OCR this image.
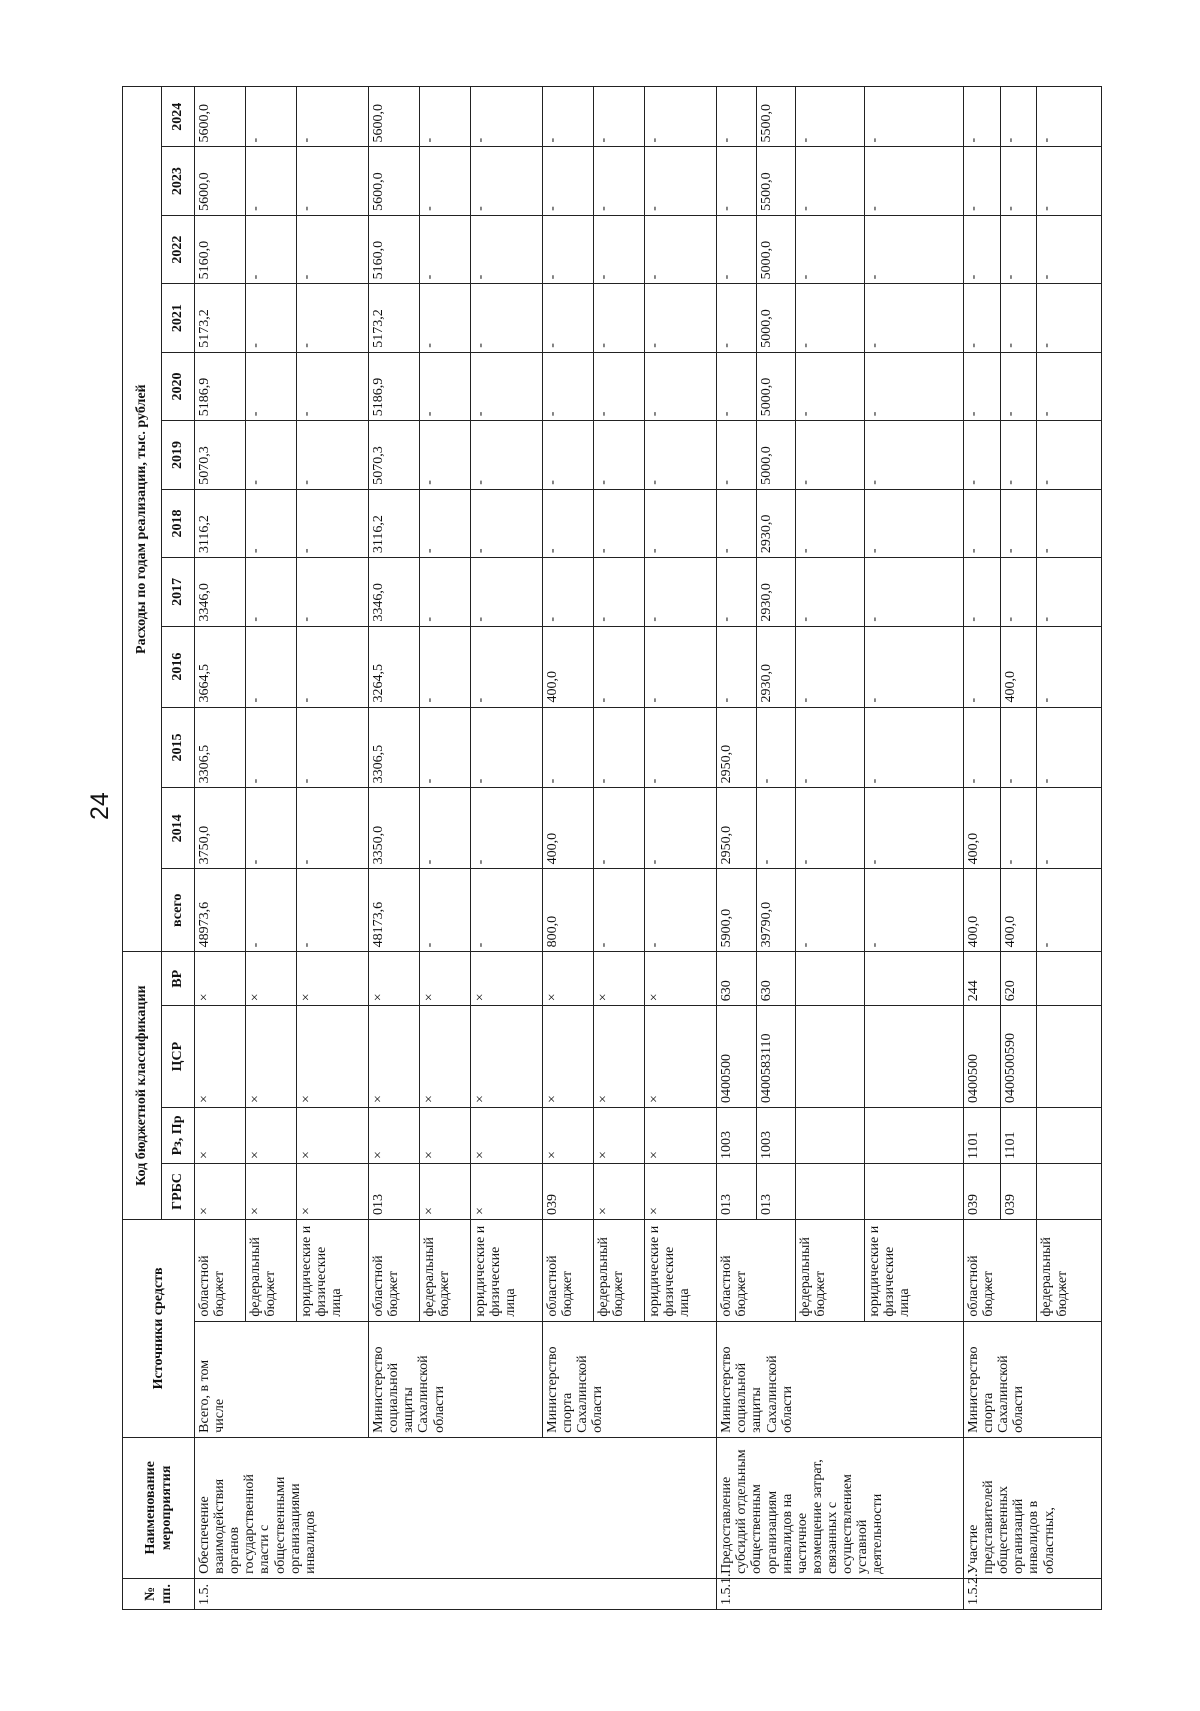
24
№ пп.	Наименование мероприятия	Источники средств		Код бюджетной классификации				Расходы по годам реализации, тыс. рублей											
				ГРБС	Рз, Пр	ЦСР	ВР	всего	2014	2015	2016	2017	2018	2019	2020	2021	2022	2023	2024
1.5.	Обеспечение взаимодействия органов государственной власти с общественными организациями инвалидов	Всего, в том числе	областной бюджет	×	×	×	×	48973,6	3750,0	3306,5	3664,5	3346,0	3116,2	5070,3	5186,9	5173,2	5160,0	5600,0	5600,0
			федеральный бюджет	×	×	×	×	-	-	-	-	-	-	-	-	-	-	-	-
			юридические и физические лица	×	×	×	×	-	-	-	-	-	-	-	-	-	-	-	-
		Министерство социальной защиты Сахалинской области	областной бюджет	013	×	×	×	48173,6	3350,0	3306,5	3264,5	3346,0	3116,2	5070,3	5186,9	5173,2	5160,0	5600,0	5600,0
			федеральный бюджет	×	×	×	×	-	-	-	-	-	-	-	-	-	-	-	-
			юридические и физические лица	×	×	×	×	-	-	-	-	-	-	-	-	-	-	-	-
		Министерство спорта Сахалинской области	областной бюджет	039	×	×	×	800,0	400,0	-	400,0	-	-	-	-	-	-	-	-
			федеральный бюджет	×	×	×	×	-	-	-	-	-	-	-	-	-	-	-	-
			юридические и физические лица	×	×	×	×	-	-	-	-	-	-	-	-	-	-	-	-
1.5.1.	Предоставление субсидий отдельным общественным организациям инвалидов на частичное возмещение затрат, связанных с осуществлением уставной деятельности	Министерство социальной защиты Сахалинской области	областной бюджет	013	1003	0400500	630	5900,0	2950,0	2950,0	-	-	-	-	-	-	-	-	-
				013	1003	0400583110	630	39790,0	-	-	2930,0	2930,0	2930,0	5000,0	5000,0	5000,0	5000,0	5500,0	5500,0
			федеральный бюджет					-	-	-	-	-	-	-	-	-	-	-	-
			юридические и физические лица					-	-	-	-	-	-	-	-	-	-	-	-
1.5.2.	Участие представителей общественных организаций инвалидов в областных,	Министерство спорта Сахалинской области	областной бюджет	039	1101	0400500	244	400,0	400,0	-	-	-	-	-	-	-	-	-	-
				039	1101	0400500590	620	400,0	-	-	400,0	-	-	-	-	-	-	-	-
			федеральный бюджет					-	-	-	-	-	-	-	-	-	-	-	-
